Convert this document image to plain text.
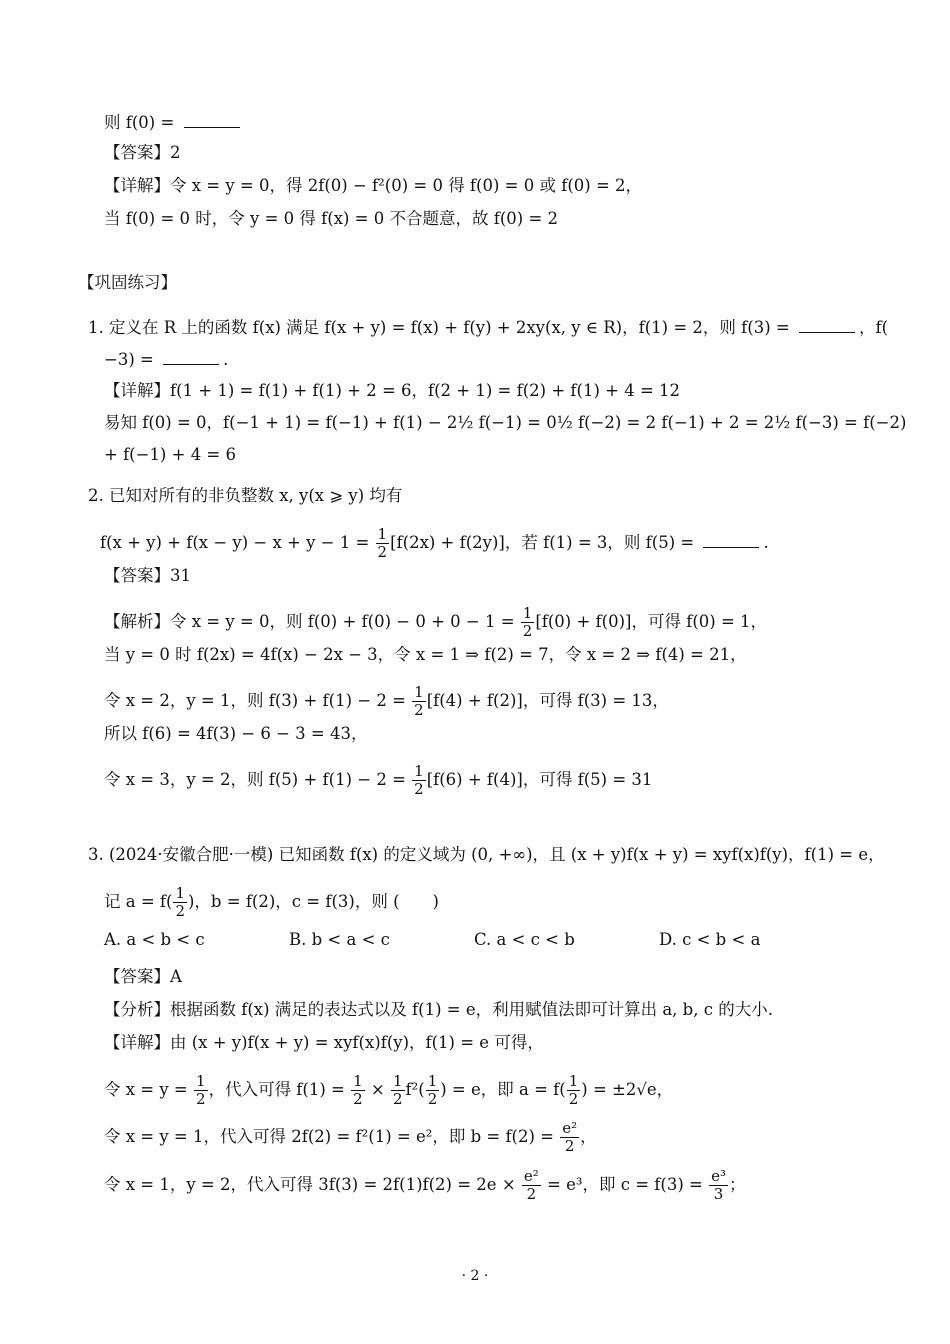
则 f(0) =
【答案】2
【详解】令 x = y = 0，得 2f(0) − f²(0) = 0 得 f(0) = 0 或 f(0) = 2，
当 f(0) = 0 时，令 y = 0 得 f(x) = 0 不合题意，故 f(0) = 2
【巩固练习】
1. 定义在 R 上的函数 f(x) 满足 f(x + y) = f(x) + f(y) + 2xy(x, y ∈ R)，f(1) = 2，则 f(3) =	，f(
−3) =	.
【详解】f(1 + 1) = f(1) + f(1) + 2 = 6，f(2 + 1) = f(2) + f(1) + 4 = 12
易知 f(0) = 0，f(−1 + 1) = f(−1) + f(1) − 2½ f(−1) = 0½ f(−2) = 2 f(−1) + 2 = 2½ f(−3) = f(−2)
+ f(−1) + 4 = 6
2. 已知对所有的非负整数 x, y(x ⩾ y) 均有
$f(x + y) + f(x - y) - x + y - 1 = \frac{1}{2} [f(2x) + f(2y)]$，若 f(1) = 3，则 f(5) =	.
【答案】31
【解析】令 x = y = 0，则 $f(0) + f(0) - 0 + 0 - 1 = \frac{1}{2} [f(0) + f(0)]$，可得 f(0) = 1，
当 y = 0 时 f(2x) = 4f(x) − 2x − 3，令 x = 1 ⇒ f(2) = 7，令 x = 2 ⇒ f(4) = 21，
令 x = 2，y = 1，则 $f(3) + f(1) - 2 = \frac{1}{2} [f(4) + f(2)]$，可得 f(3) = 13，
所以 f(6) = 4f(3) − 6 − 3 = 43，
令 x = 3，y = 2，则 $f(5) + f(1) - 2 = \frac{1}{2} [f(6) + f(4)]$，可得 f(5) = 31
3. (2024·安徽合肥·一模) 已知函数 f(x) 的定义域为 (0, +∞)，且 (x + y)f(x + y) = xyf(x)f(y)，f(1) = e，
记 $a = f( \frac{1}{2}$ )，b = f(2)，c = f(3)，则 (　　)
A. a < b < c	B. b < a < c	C. a < c < b	D. c < b < a
【答案】A
【分析】根据函数 f(x) 满足的表达式以及 f(1) = e，利用赋值法即可计算出 a, b, c 的大小.
【详解】由 (x + y)f(x + y) = xyf(x)f(y)，f(1) = e 可得，
令 $x = y = \frac{1}{2}$ ，代入可得 $f(1) = \frac{1}{2} \times \frac{1}{2} f^2( \frac{1}{2}$ ) = e，即 $a = f( \frac{1}{2}$ ) = ±2√e，
令 x = y = 1，代入可得 2f(2) = f²(1) = e²，即 $b = f(2) = \frac{\text{e²}}{2}$ ，
令 x = 1，y = 2，代入可得 $3f(3) = 2f(1)f(2) = 2e \times \frac{\text{e²}}{2} = e^3$，即 $c = f(3) = \frac{\text{e³}}{3}$ ；
· 2 ·
